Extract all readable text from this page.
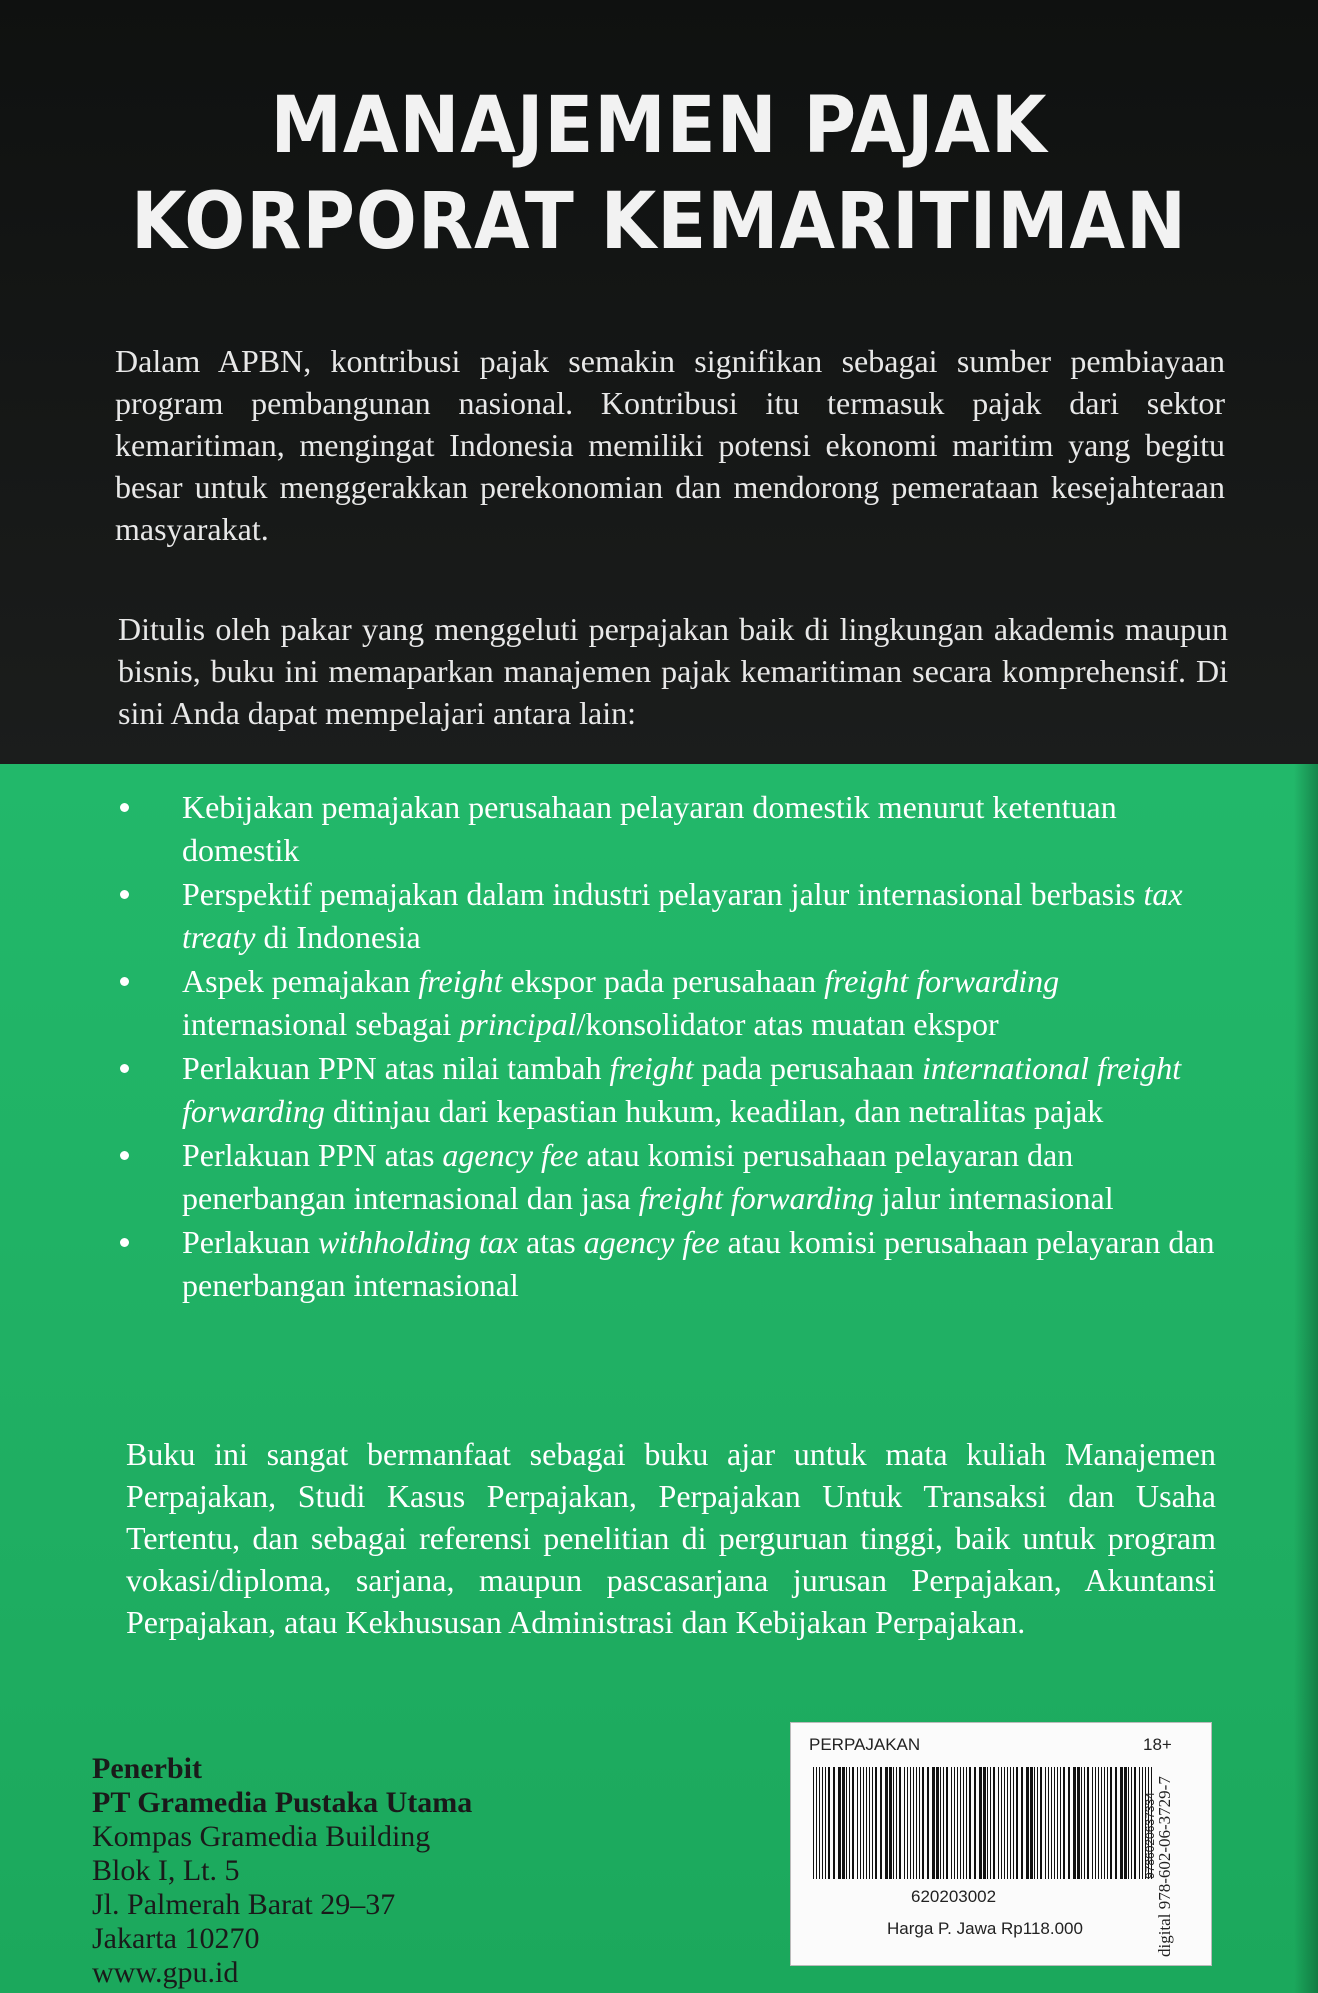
MANAJEMEN PAJAK
KORPORAT KEMARITIMAN
Dalam APBN, kontribusi pajak semakin signifikan sebagai sumber pembiayaan program pembangunan nasional. Kontribusi itu termasuk pajak dari sektor kemaritiman, mengingat Indonesia memiliki potensi ekonomi maritim yang begitu besar untuk menggerakkan perekonomian dan mendorong pemerataan kesejahteraan masyarakat.
Ditulis oleh pakar yang menggeluti perpajakan baik di lingkungan akademis maupun bisnis, buku ini memaparkan manajemen pajak kemaritiman secara komprehensif. Di sini Anda dapat mempelajari antara lain:
Kebijakan pemajakan perusahaan pelayaran domestik menurut ketentuan domestik
Perspektif pemajakan dalam industri pelayaran jalur internasional berbasis tax treaty di Indonesia
Aspek pemajakan freight ekspor pada perusahaan freight forwarding internasional sebagai principal/konsolidator atas muatan ekspor
Perlakuan PPN atas nilai tambah freight pada perusahaan international freight forwarding ditinjau dari kepastian hukum, keadilan, dan netralitas pajak
Perlakuan PPN atas agency fee atau komisi perusahaan pelayaran dan penerbangan internasional dan jasa freight forwarding jalur internasional
Perlakuan withholding tax atas agency fee atau komisi perusahaan pelayaran dan penerbangan internasional
Buku ini sangat bermanfaat sebagai buku ajar untuk mata kuliah Manajemen Perpajakan, Studi Kasus Perpajakan, Perpajakan Untuk Transaksi dan Usaha Tertentu, dan sebagai referensi penelitian di perguruan tinggi, baik untuk program vokasi/diploma, sarjana, maupun pascasarjana jurusan Perpajakan, Akuntansi Perpajakan, atau Kekhususan Administrasi dan Kebijakan Perpajakan.
Penerbit
PT Gramedia Pustaka Utama
Kompas Gramedia Building
Blok I, Lt. 5
Jl. Palmerah Barat 29–37
Jakarta 10270
www.gpu.id
PERPAJAKAN	18+
9786020637334
620203002
Harga P. Jawa Rp118.000	digital 978-602-06-3729-7
